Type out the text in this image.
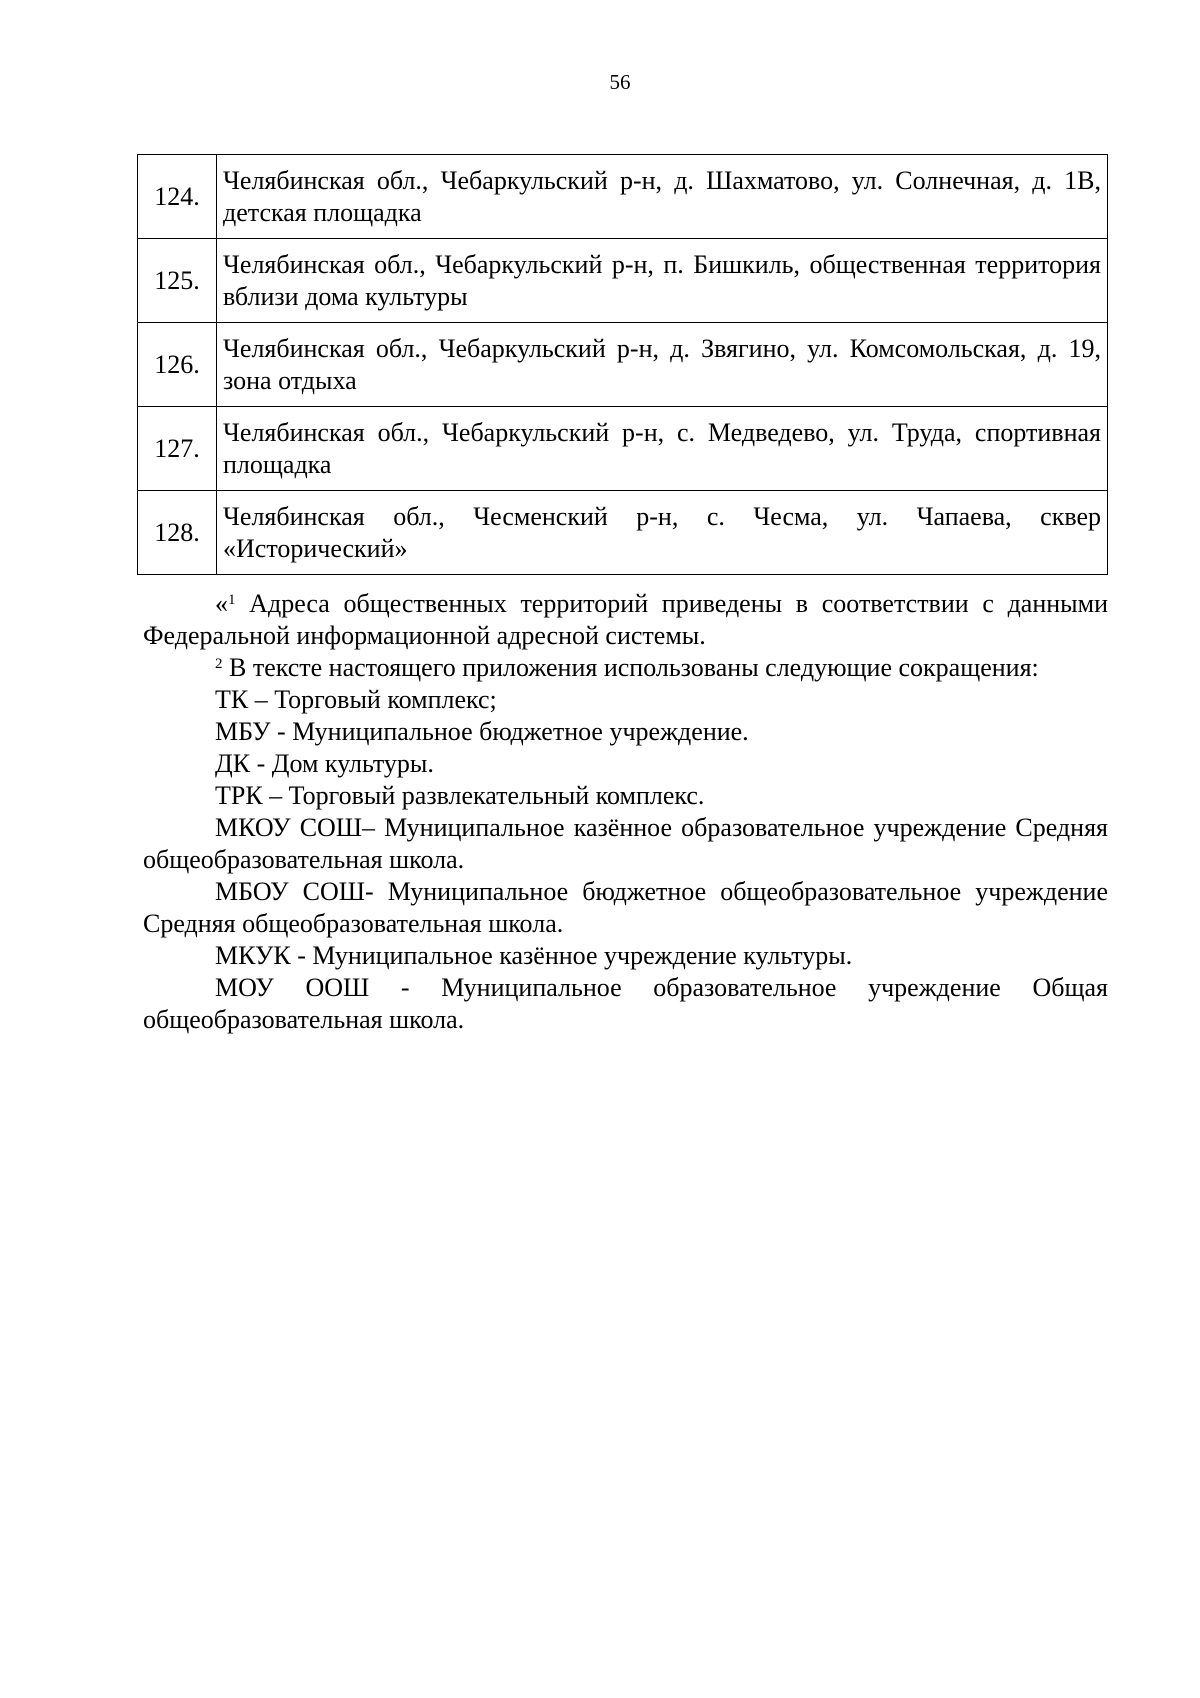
56
124.	Челябинская обл., Чебаркульский р-н, д. Шахматово, ул. Солнечная, д. 1В, детская площадка
125.	Челябинская обл., Чебаркульский р-н, п. Бишкиль, общественная территория вблизи дома культуры
126.	Челябинская обл., Чебаркульский р-н, д. Звягино, ул. Комсомольская, д. 19, зона отдыха
127.	Челябинская обл., Чебаркульский р-н, с. Медведево, ул. Труда, спортивная площадка
128.	Челябинская обл., Чесменский р-н, с. Чесма, ул. Чапаева, сквер «Исторический»

«$^1$ Адреса общественных территорий приведены в соответствии с данными Федеральной информационной адресной системы.

$^2$ В тексте настоящего приложения использованы следующие сокращения:

ТК – Торговый комплекс;

МБУ - Муниципальное бюджетное учреждение.

ДК - Дом культуры.

ТРК – Торговый развлекательный комплекс.

МКОУ СОШ– Муниципальное казённое образовательное учреждение Средняя общеобразовательная школа.

МБОУ СОШ- Муниципальное бюджетное общеобразовательное учреждение Средняя общеобразовательная школа.

МКУК - Муниципальное казённое учреждение культуры.

МОУ ООШ - Муниципальное образовательное учреждение Общая общеобразовательная школа.
